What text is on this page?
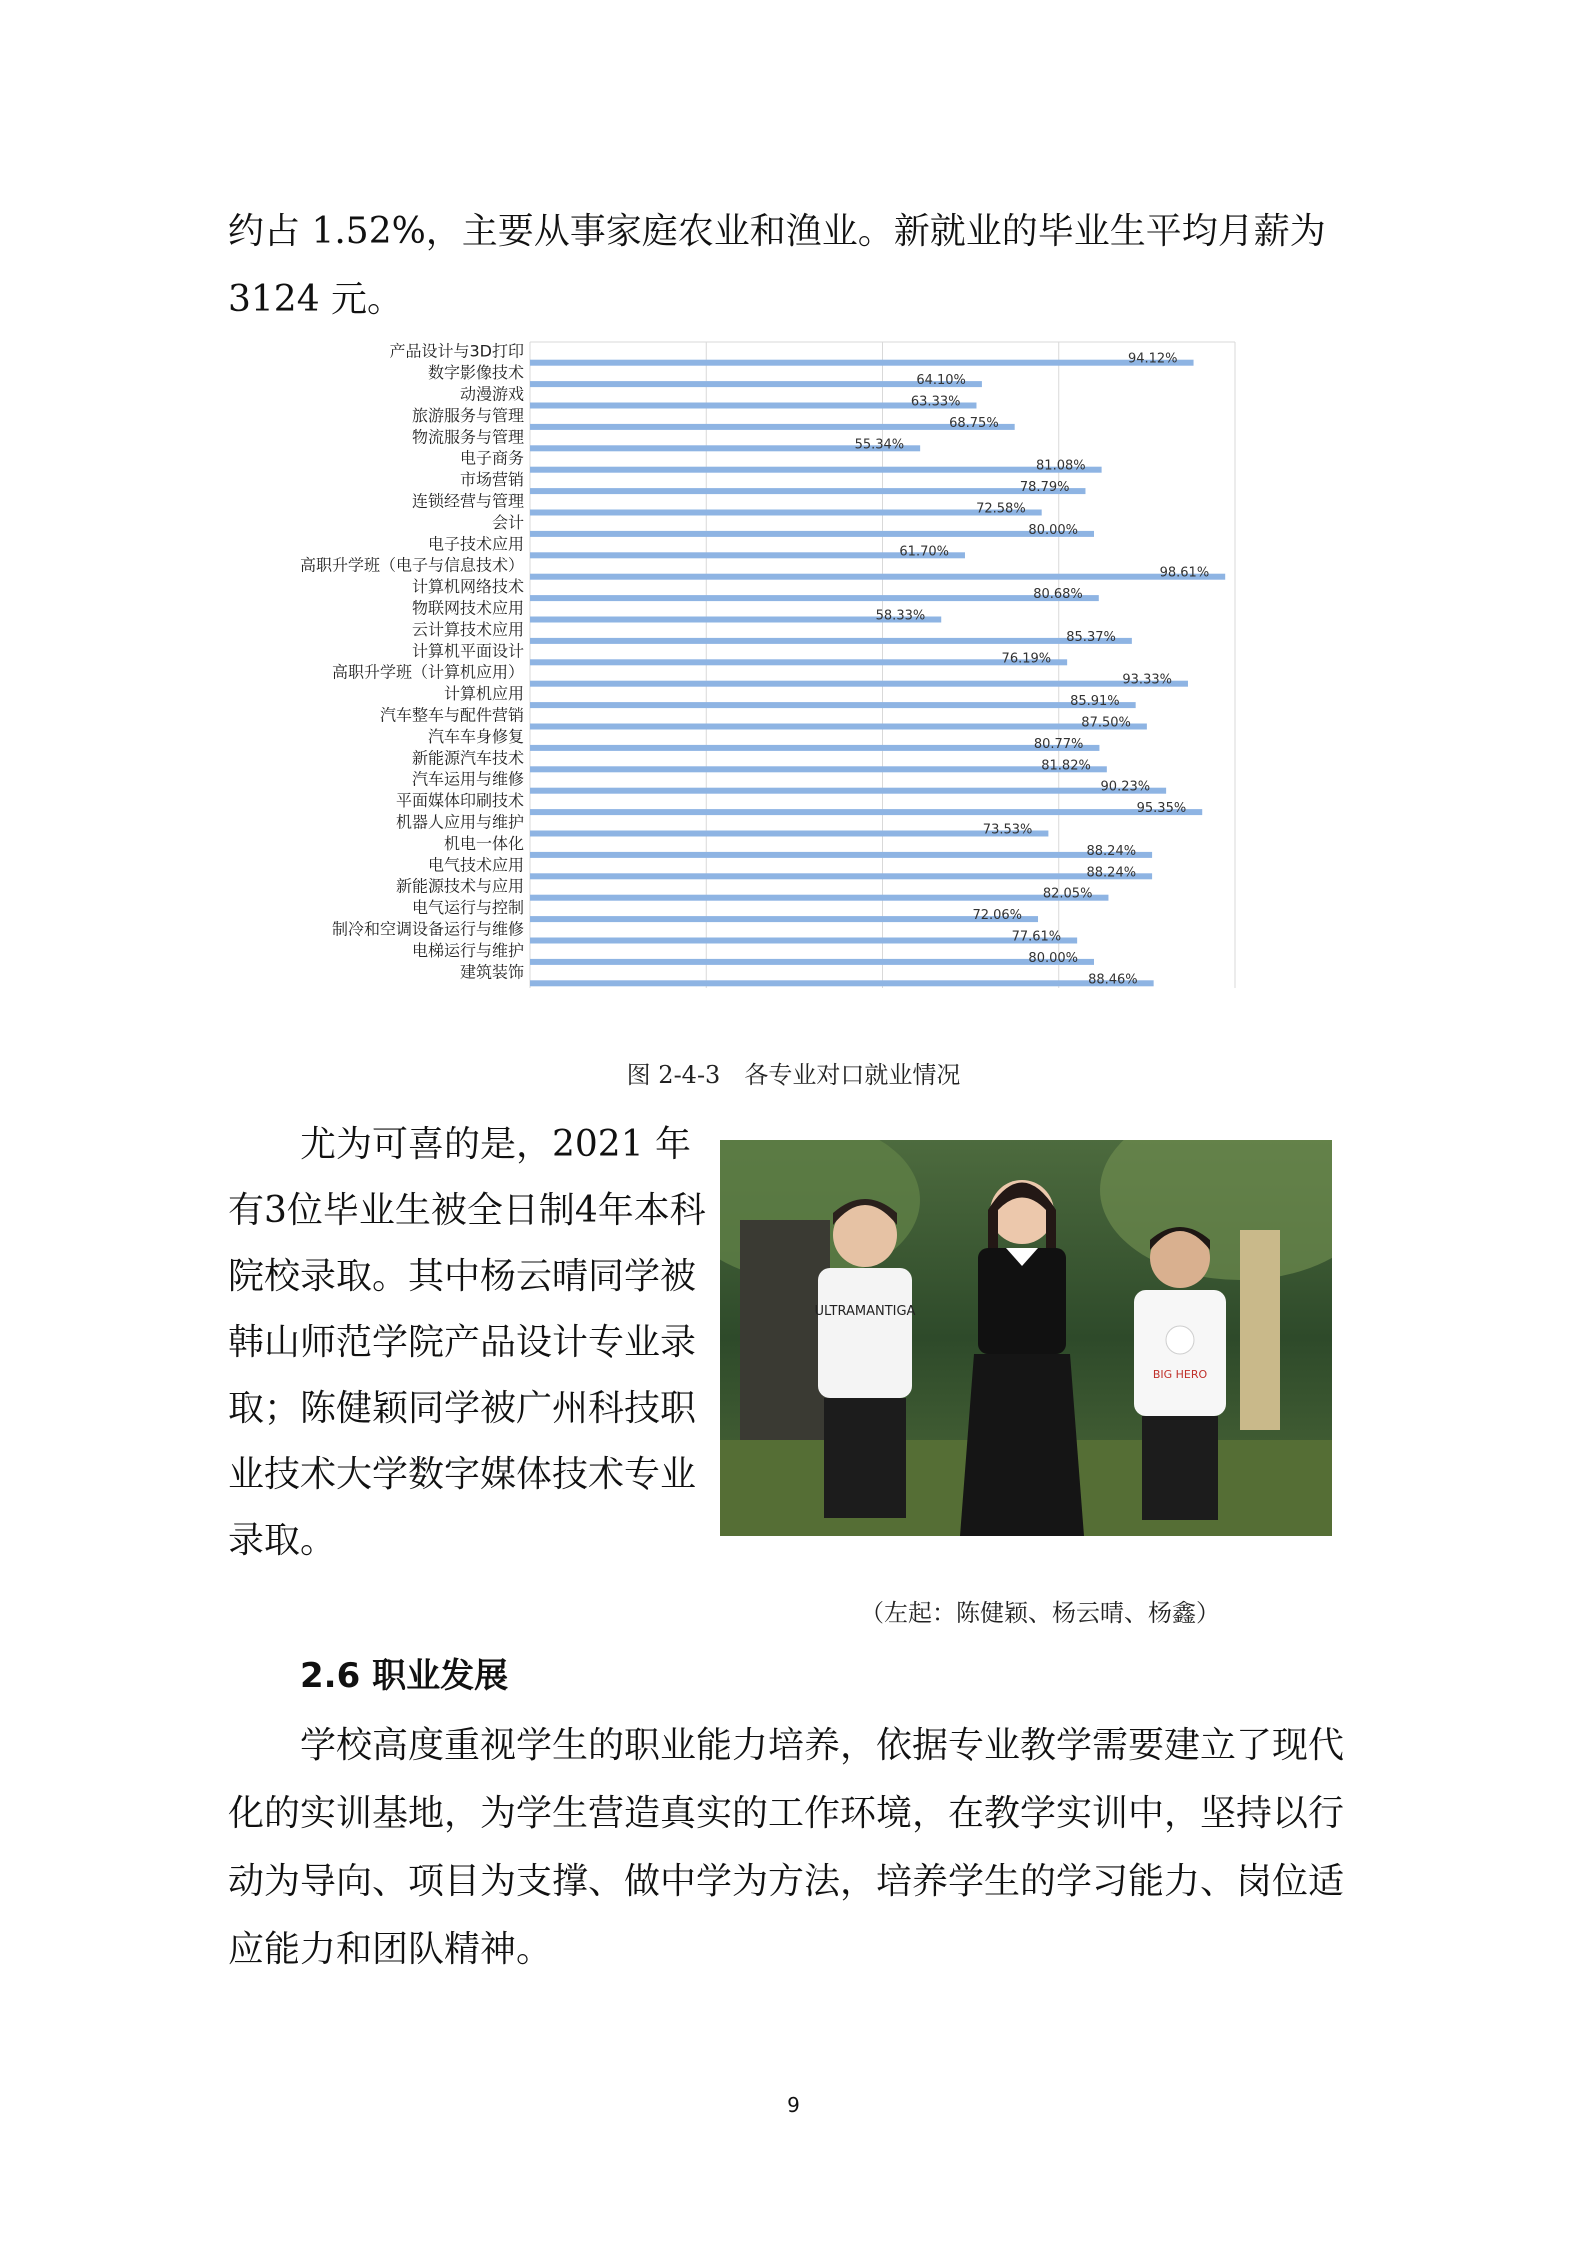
约占 1.52%，主要从事家庭农业和渔业。新就业的毕业生平均月薪为 3124 元。

产品设计与3D打印	94.12%
数字影像技术	64.10%
动漫游戏	63.33%
旅游服务与管理	68.75%
物流服务与管理	55.34%
电子商务	81.08%
市场营销	78.79%
连锁经营与管理	72.58%
会计	80.00%
电子技术应用	61.70%
高职升学班（电子与信息技术）	98.61%
计算机网络技术	80.68%
物联网技术应用	58.33%
云计算技术应用	85.37%
计算机平面设计	76.19%
高职升学班（计算机应用）	93.33%
计算机应用	85.91%
汽车整车与配件营销	87.50%
汽车车身修复	80.77%
新能源汽车技术	81.82%
汽车运用与维修	90.23%
平面媒体印刷技术	95.35%
机器人应用与维护	73.53%
机电一体化	88.24%
电气技术应用	88.24%
新能源技术与应用	82.05%
电气运行与控制	72.06%
制冷和空调设备运行与维修	77.61%
电梯运行与维护	80.00%
建筑装饰	88.46%
图 2-4-3　各专业对口就业情况

尤为可喜的是，2021 年有3位毕业生被全日制4年本科院校录取。其中杨云晴同学被韩山师范学院产品设计专业录取；陈健颖同学被广州科技职业技术大学数字媒体技术专业录取。

ULTRAMANTIGA
BIG HERO
（左起：陈健颖、杨云晴、杨鑫）
2.6 职业发展

学校高度重视学生的职业能力培养，依据专业教学需要建立了现代化的实训基地，为学生营造真实的工作环境，在教学实训中，坚持以行动为导向、项目为支撑、做中学为方法，培养学生的学习能力、岗位适应能力和团队精神。

9
